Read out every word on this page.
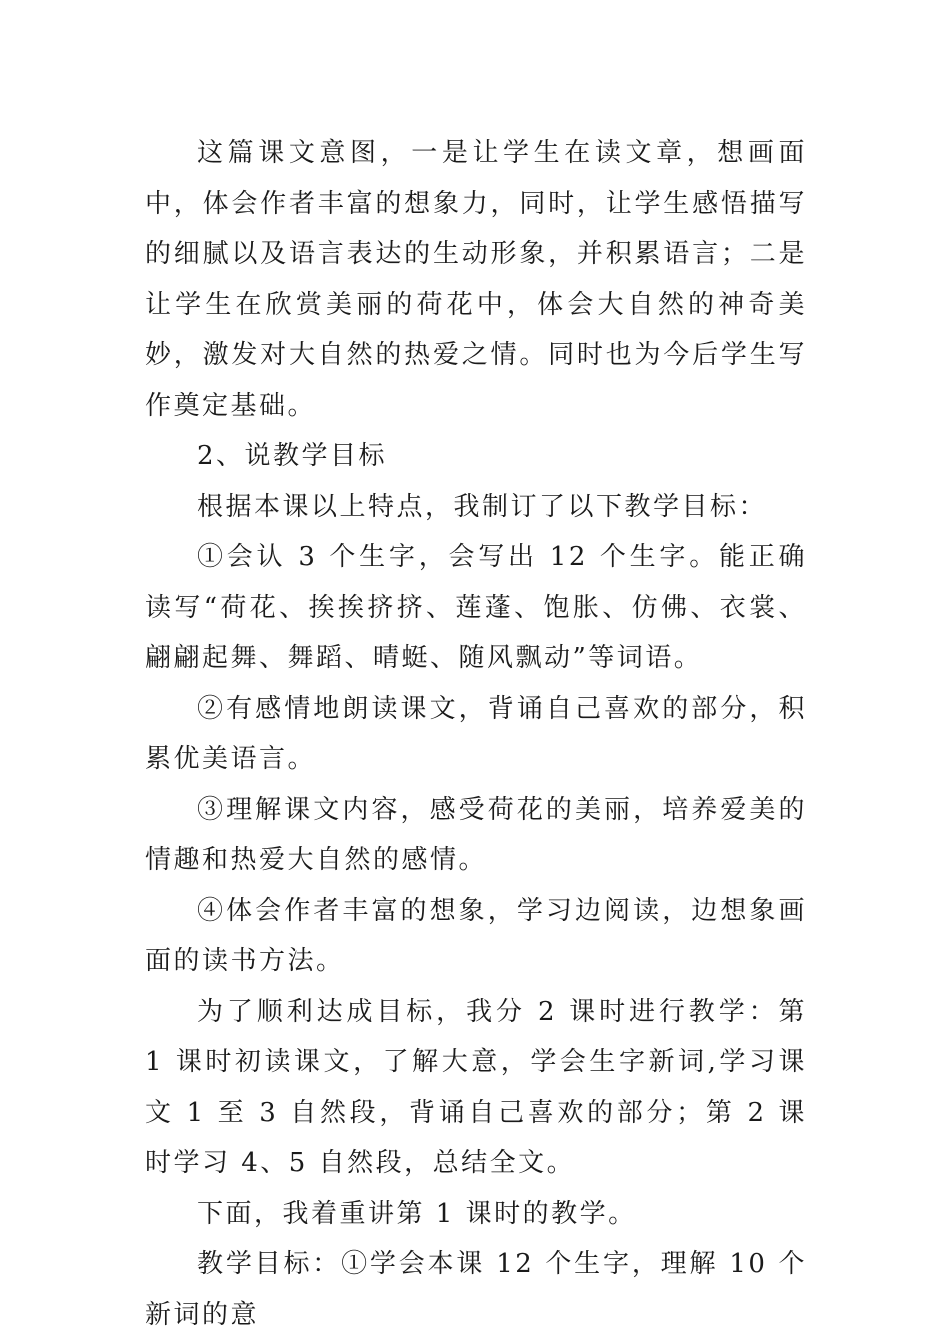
这篇课文意图，一是让学生在读文章，想画面中，体会作者丰富的想象力，同时，让学生感悟描写的细腻以及语言表达的生动形象，并积累语言；二是让学生在欣赏美丽的荷花中，体会大自然的神奇美妙，激发对大自然的热爱之情。同时也为今后学生写作奠定基础。

2、说教学目标

根据本课以上特点，我制订了以下教学目标：

①会认 3 个生字，会写出 12 个生字。能正确读写“荷花、挨挨挤挤、莲蓬、饱胀、仿佛、衣裳、翩翩起舞、舞蹈、晴蜓、随风飘动”等词语。

②有感情地朗读课文，背诵自己喜欢的部分，积累优美语言。

③理解课文内容，感受荷花的美丽，培养爱美的情趣和热爱大自然的感情。

④体会作者丰富的想象，学习边阅读，边想象画面的读书方法。

为了顺利达成目标，我分 2 课时进行教学：第 1 课时初读课文，了解大意，学会生字新词,学习课文 1 至 3 自然段，背诵自己喜欢的部分；第 2 课时学习 4、5 自然段，总结全文。

下面，我着重讲第 1 课时的教学。

教学目标：①学会本课 12 个生字，理解 10 个新词的意
